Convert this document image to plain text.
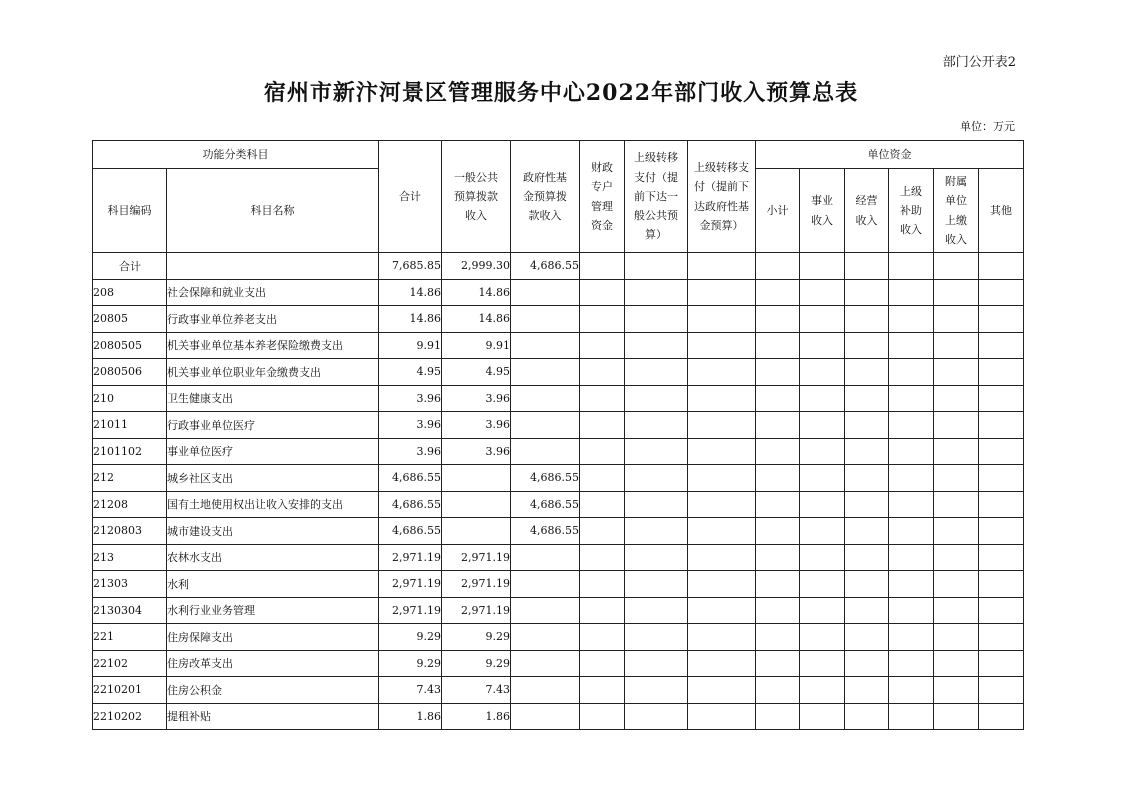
部门公开表2
宿州市新汴河景区管理服务中心2022年部门收入预算总表
单位：万元
功能分类科目		合计	一般公共预算拨款收入	政府性基金预算拨款收入	财政专户管理资金	上级转移支付（提前下达一般公共预算）	上级转移支付（提前下达政府性基金预算）	单位资金					
科目编码	科目名称							小计	事业收入	经营收入	上级补助收入	附属单位上缴收入	其他
合计		7,685.85	2,999.30	4,686.55									
208	社会保障和就业支出	14.86	14.86										
20805	行政事业单位养老支出	14.86	14.86										
2080505	机关事业单位基本养老保险缴费支出	9.91	9.91										
2080506	机关事业单位职业年金缴费支出	4.95	4.95										
210	卫生健康支出	3.96	3.96										
21011	行政事业单位医疗	3.96	3.96										
2101102	事业单位医疗	3.96	3.96										
212	城乡社区支出	4,686.55		4,686.55									
21208	国有土地使用权出让收入安排的支出	4,686.55		4,686.55									
2120803	城市建设支出	4,686.55		4,686.55									
213	农林水支出	2,971.19	2,971.19										
21303	水利	2,971.19	2,971.19										
2130304	水利行业业务管理	2,971.19	2,971.19										
221	住房保障支出	9.29	9.29										
22102	住房改革支出	9.29	9.29										
2210201	住房公积金	7.43	7.43										
2210202	提租补贴	1.86	1.86										
